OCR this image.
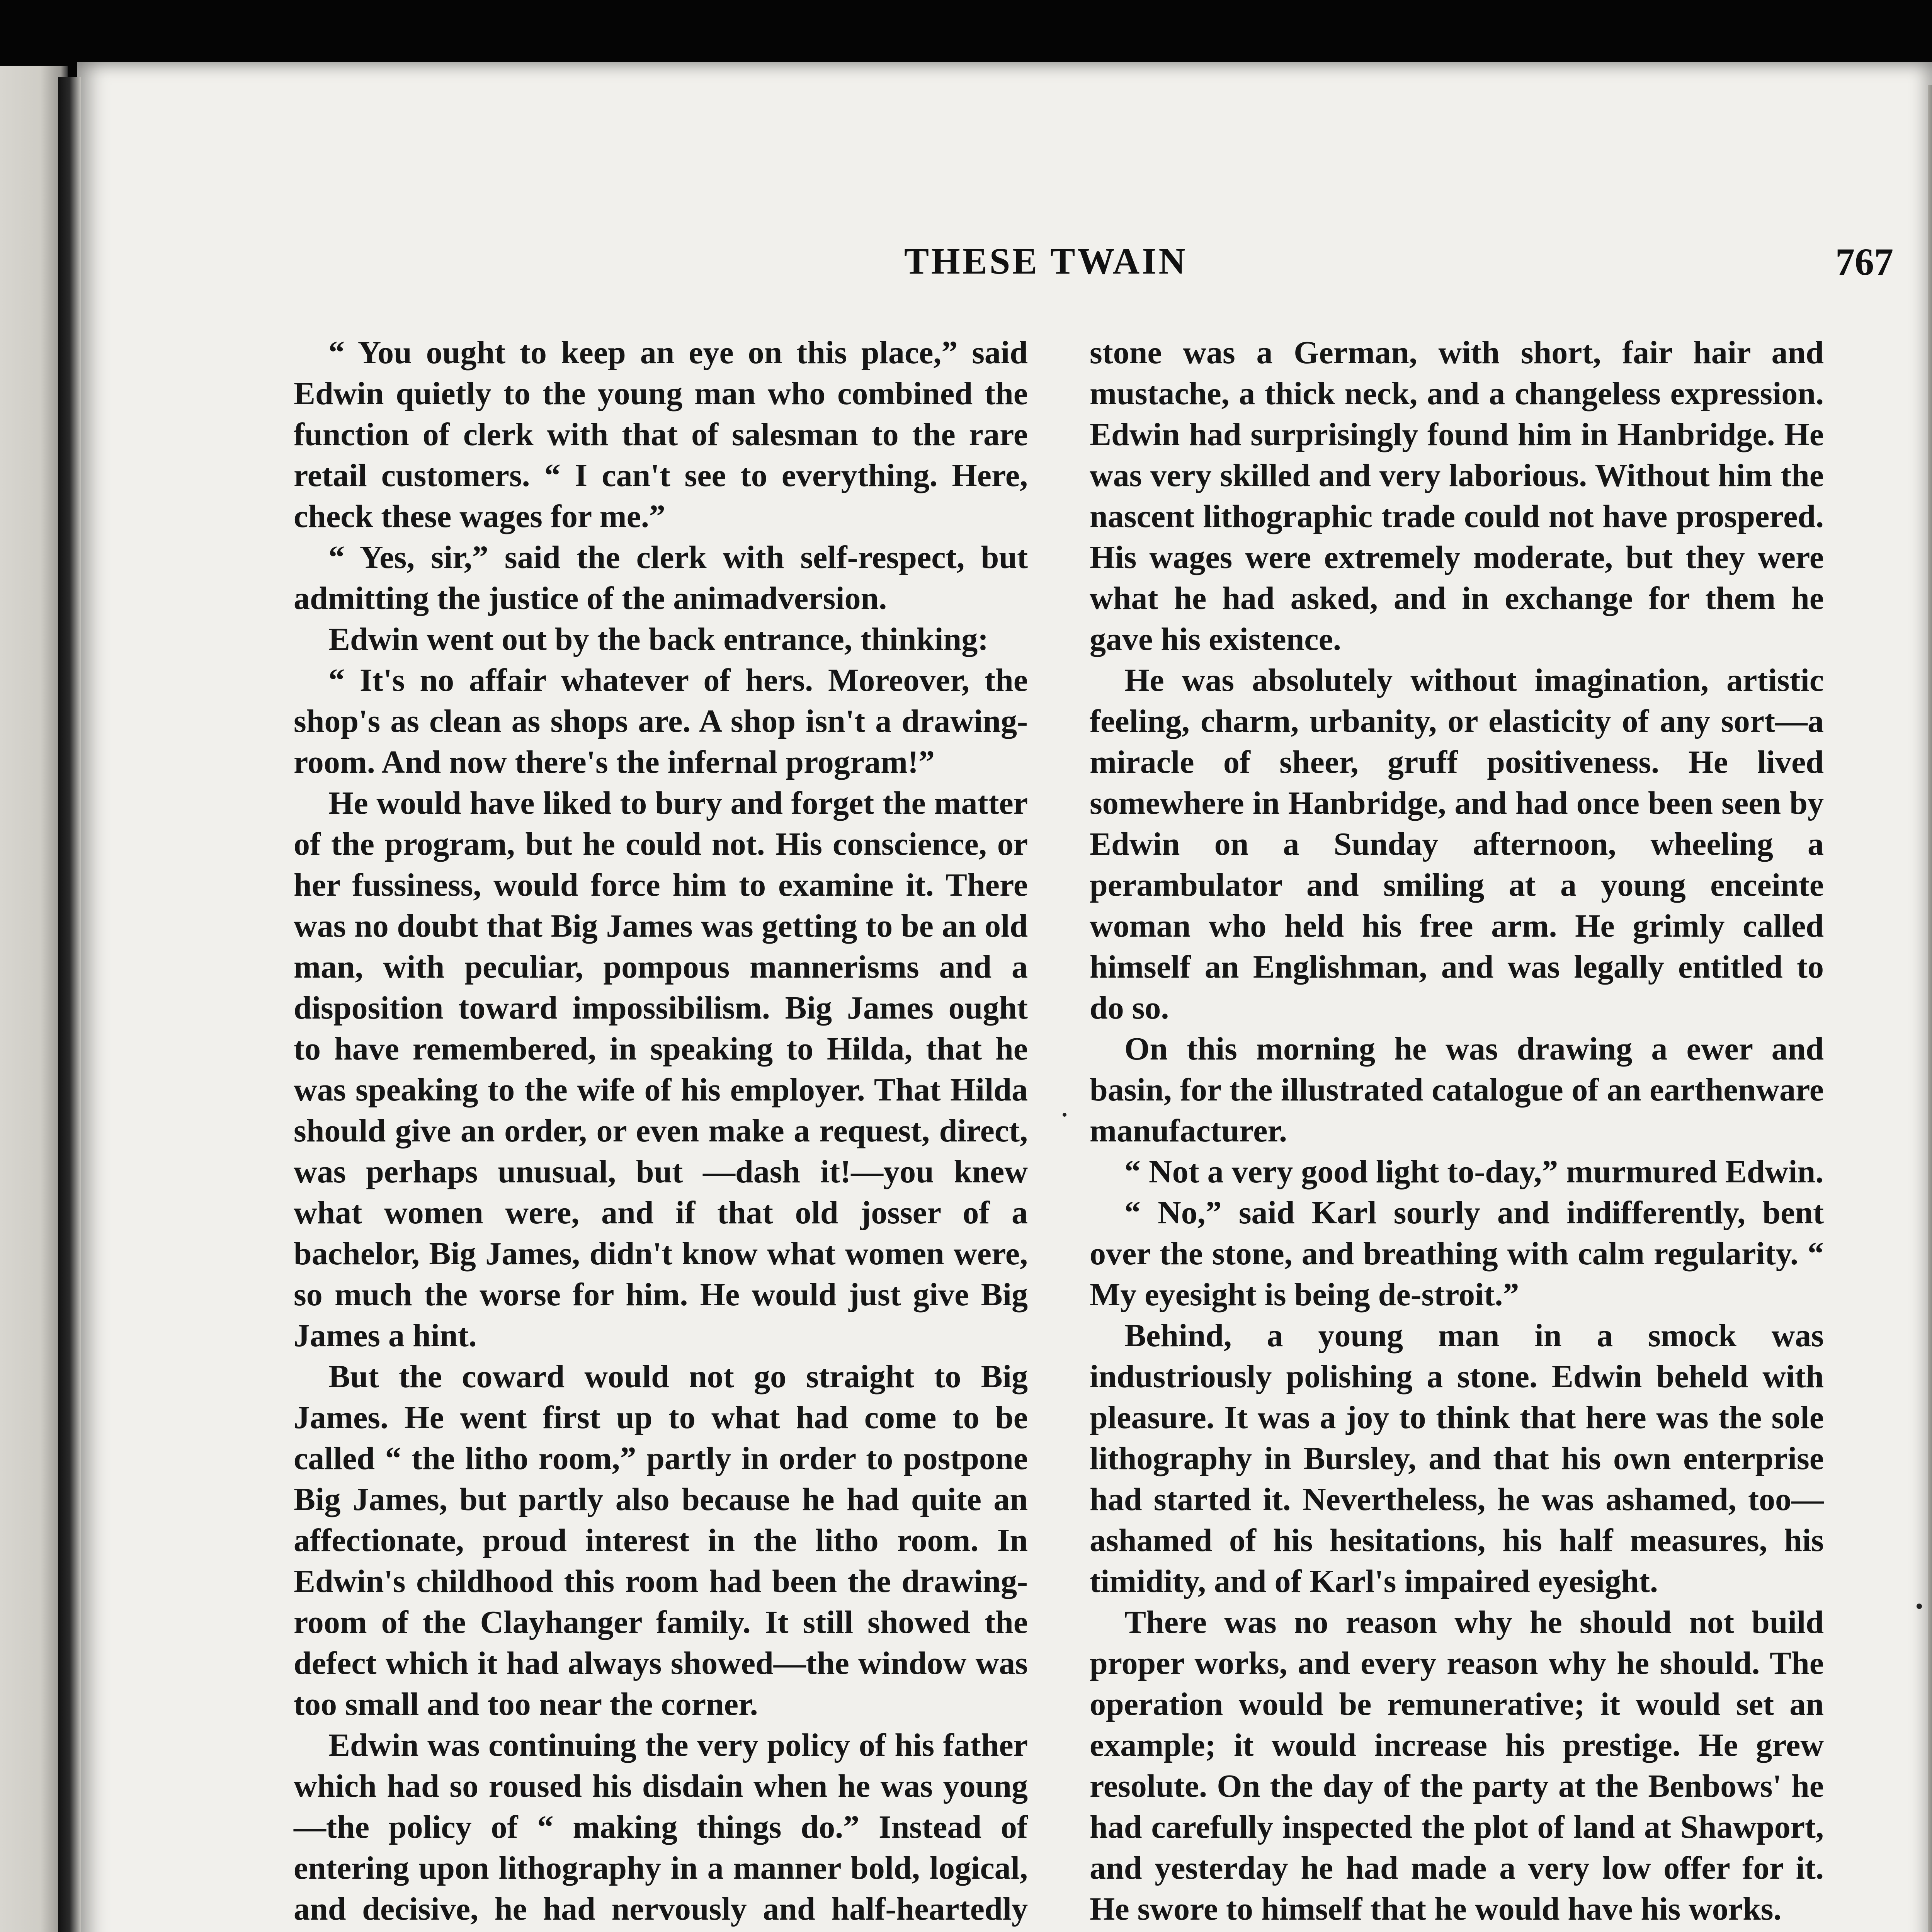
THESE TWAIN	767

“ You ought to keep an eye on this place,” said Edwin quietly to the young man who combined the function of clerk with that of salesman to the rare retail customers. “ I can't see to everything. Here, check these wages for me.”

“ Yes, sir,” said the clerk with self-respect, but admitting the justice of the animadversion.

Edwin went out by the back entrance, thinking:

“ It's no affair whatever of hers. Moreover, the shop's as clean as shops are. A shop isn't a drawing-room. And now there's the infernal program!”

He would have liked to bury and forget the matter of the program, but he could not. His conscience, or her fussiness, would force him to examine it. There was no doubt that Big James was getting to be an old man, with peculiar, pompous mannerisms and a disposition toward impossibilism. Big James ought to have remembered, in speaking to Hilda, that he was speaking to the wife of his employer. That Hilda should give an order, or even make a request, direct, was perhaps unusual, but —dash it!—you knew what women were, and if that old josser of a bachelor, Big James, didn't know what women were, so much the worse for him. He would just give Big James a hint.

But the coward would not go straight to Big James. He went first up to what had come to be called “ the litho room,” partly in order to postpone Big James, but partly also because he had quite an affectionate, proud interest in the litho room. In Edwin's childhood this room had been the drawing-room of the Clayhanger family. It still showed the defect which it had always showed—the window was too small and too near the corner.

Edwin was continuing the very policy of his father which had so roused his disdain when he was young—the policy of “ making things do.” Instead of entering upon lithography in a manner bold, logical, and decisive, he had nervously and half-heartedly

stone was a German, with short, fair hair and mustache, a thick neck, and a changeless expression. Edwin had surprisingly found him in Hanbridge. He was very skilled and very laborious. Without him the nascent lithographic trade could not have prospered. His wages were extremely moderate, but they were what he had asked, and in exchange for them he gave his existence.

He was absolutely without imagination, artistic feeling, charm, urbanity, or elasticity of any sort—a miracle of sheer, gruff positiveness. He lived somewhere in Hanbridge, and had once been seen by Edwin on a Sunday afternoon, wheeling a perambulator and smiling at a young enceinte woman who held his free arm. He grimly called himself an Englishman, and was legally entitled to do so.

On this morning he was drawing a ewer and basin, for the illustrated catalogue of an earthenware manufacturer.

“ Not a very good light to-day,” murmured Edwin.

“ No,” said Karl sourly and indifferently, bent over the stone, and breathing with calm regularity. “ My eyesight is being de-stroit.”

Behind, a young man in a smock was industriously polishing a stone. Edwin beheld with pleasure. It was a joy to think that here was the sole lithography in Bursley, and that his own enterprise had started it. Nevertheless, he was ashamed, too—ashamed of his hesitations, his half measures, his timidity, and of Karl's impaired eyesight.

There was no reason why he should not build proper works, and every reason why he should. The operation would be remunerative; it would set an example; it would increase his prestige. He grew resolute. On the day of the party at the Benbows' he had carefully inspected the plot of land at Shawport, and yesterday he had made a very low offer for it. He swore to himself that he would have his works.
